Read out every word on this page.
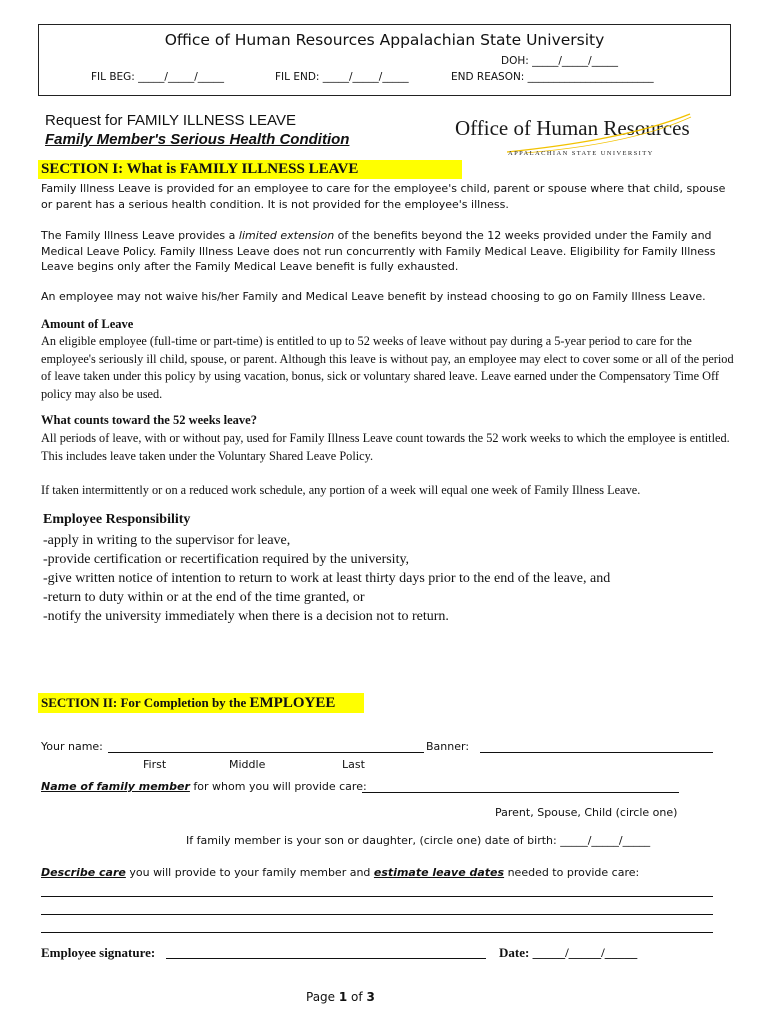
Office of Human Resources Appalachian State University
DOH: _____/_____/_____
FIL BEG: _____/_____/_____	FIL END: _____/_____/_____	END REASON: ________________________
Request for FAMILY ILLNESS LEAVE
Family Member's Serious Health Condition	Office of Human Resources
APPALACHIAN STATE UNIVERSITY
SECTION I: What is FAMILY ILLNESS LEAVE
Family Illness Leave is provided for an employee to care for the employee's child, parent or spouse where that child, spouse or parent has a serious health condition. It is not provided for the employee's illness.
The Family Illness Leave provides a limited extension of the benefits beyond the 12 weeks provided under the Family and Medical Leave Policy. Family Illness Leave does not run concurrently with Family Medical Leave. Eligibility for Family Illness Leave begins only after the Family Medical Leave benefit is fully exhausted.
An employee may not waive his/her Family and Medical Leave benefit by instead choosing to go on Family Illness Leave.
Amount of Leave
An eligible employee (full-time or part-time) is entitled to up to 52 weeks of leave without pay during a 5-year period to care for the employee's seriously ill child, spouse, or parent. Although this leave is without pay, an employee may elect to cover some or all of the period of leave taken under this policy by using vacation, bonus, sick or voluntary shared leave. Leave earned under the Compensatory Time Off policy may also be used.
What counts toward the 52 weeks leave?
All periods of leave, with or without pay, used for Family Illness Leave count towards the 52 work weeks to which the employee is entitled. This includes leave taken under the Voluntary Shared Leave Policy.
If taken intermittently or on a reduced work schedule, any portion of a week will equal one week of Family Illness Leave.
Employee Responsibility
-apply in writing to the supervisor for leave,
-provide certification or recertification required by the university,
-give written notice of intention to return to work at least thirty days prior to the end of the leave, and
-return to duty within or at the end of the time granted, or
-notify the university immediately when there is a decision not to return.
SECTION II: For Completion by the EMPLOYEE
Your name:	Banner:
First	Middle	Last
Name of family member for whom you will provide care:
Parent, Spouse, Child (circle one)
If family member is your son or daughter, (circle one) date of birth: _____/_____/_____
Describe care you will provide to your family member and estimate leave dates needed to provide care:
Employee signature:	Date: _____/_____/_____
Page 1 of 3
